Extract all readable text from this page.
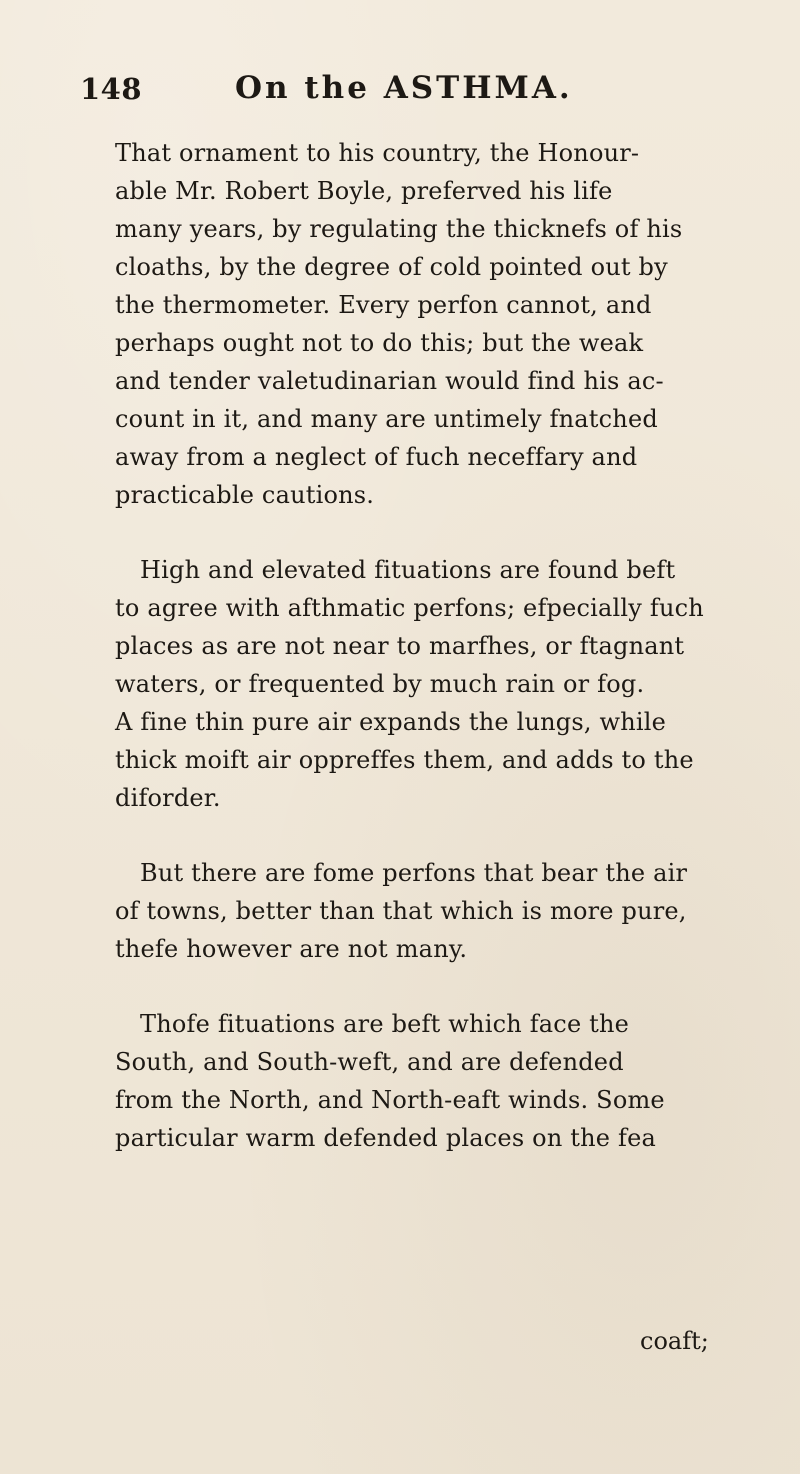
148	On the ASTHMA.

That ornament to his country, the Honour-
able Mr. Robert Boyle, preferved his life
many years, by regulating the thicknefs of his
cloaths, by the degree of cold pointed out by
the thermometer. Every perfon cannot, and
perhaps ought not to do this; but the weak
and tender valetudinarian would find his ac-
count in it, and many are untimely fnatched
away from a neglect of fuch neceffary and
practicable cautions.

High and elevated fituations are found beft
to agree with afthmatic perfons; efpecially fuch
places as are not near to marfhes, or ftagnant
waters, or frequented by much rain or fog.
A fine thin pure air expands the lungs, while
thick moift air oppreffes them, and adds to the
diforder.

But there are fome perfons that bear the air
of towns, better than that which is more pure,
thefe however are not many.

Thofe fituations are beft which face the
South, and South-weft, and are defended
from the North, and North-eaft winds. Some
particular warm defended places on the fea

coaft;
